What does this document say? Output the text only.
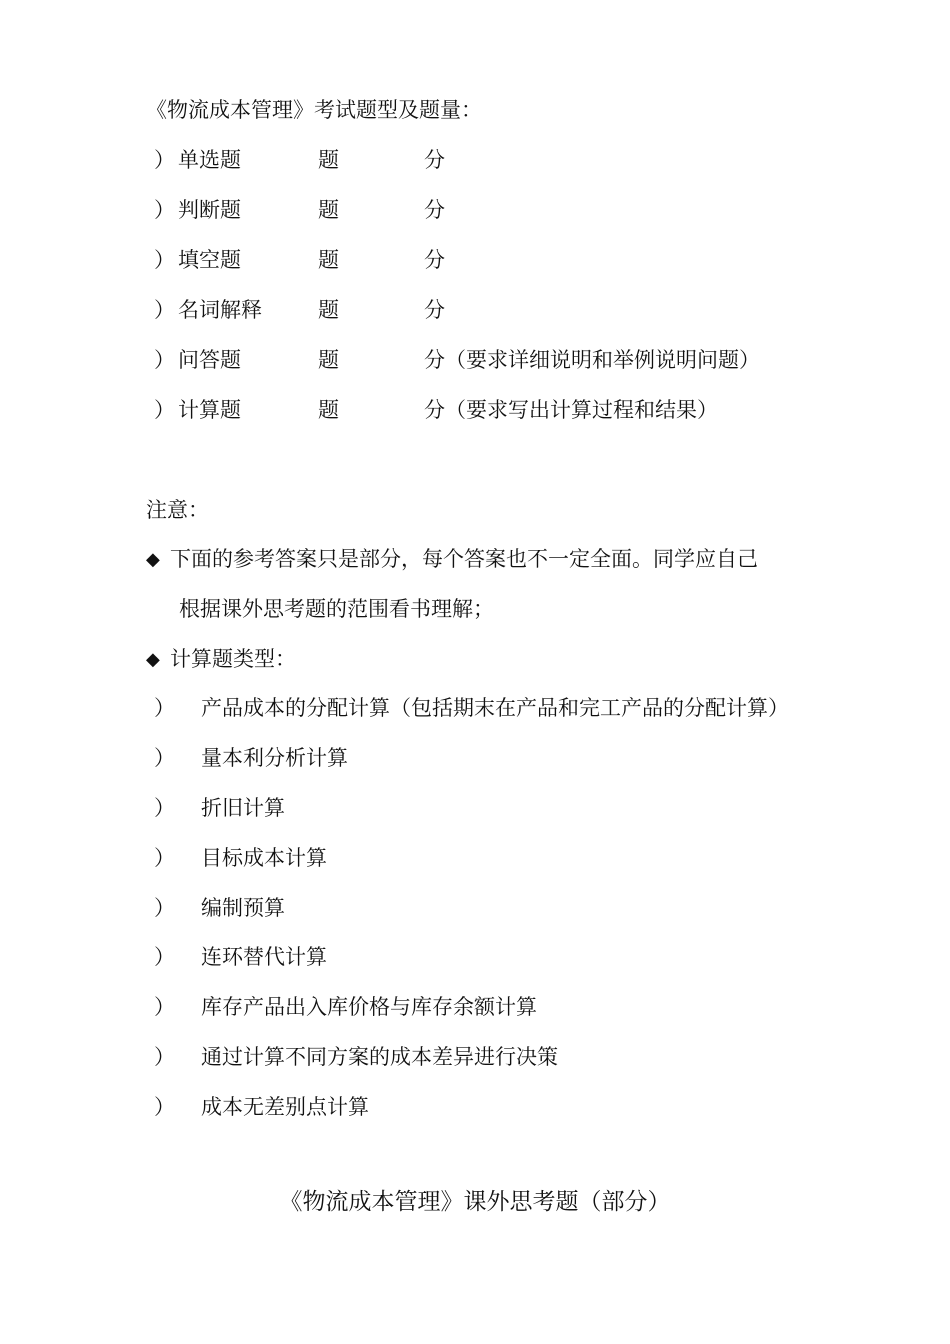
《物流成本管理》考试题型及题量：
） 单选题	题	分
） 判断题	题	分
） 填空题	题	分
） 名词解释	题	分
） 问答题	题	分（要求详细说明和举例说明问题）
） 计算题	题	分（要求写出计算过程和结果）
注意：
◆ 下面的参考答案只是部分，每个答案也不一定全面。同学应自己
根据课外思考题的范围看书理解；
◆ 计算题类型：
） 产品成本的分配计算（包括期末在产品和完工产品的分配计算）
） 量本利分析计算
） 折旧计算
） 目标成本计算
） 编制预算
） 连环替代计算
） 库存产品出入库价格与库存余额计算
） 通过计算不同方案的成本差异进行决策
） 成本无差别点计算
《物流成本管理》课外思考题（部分）
